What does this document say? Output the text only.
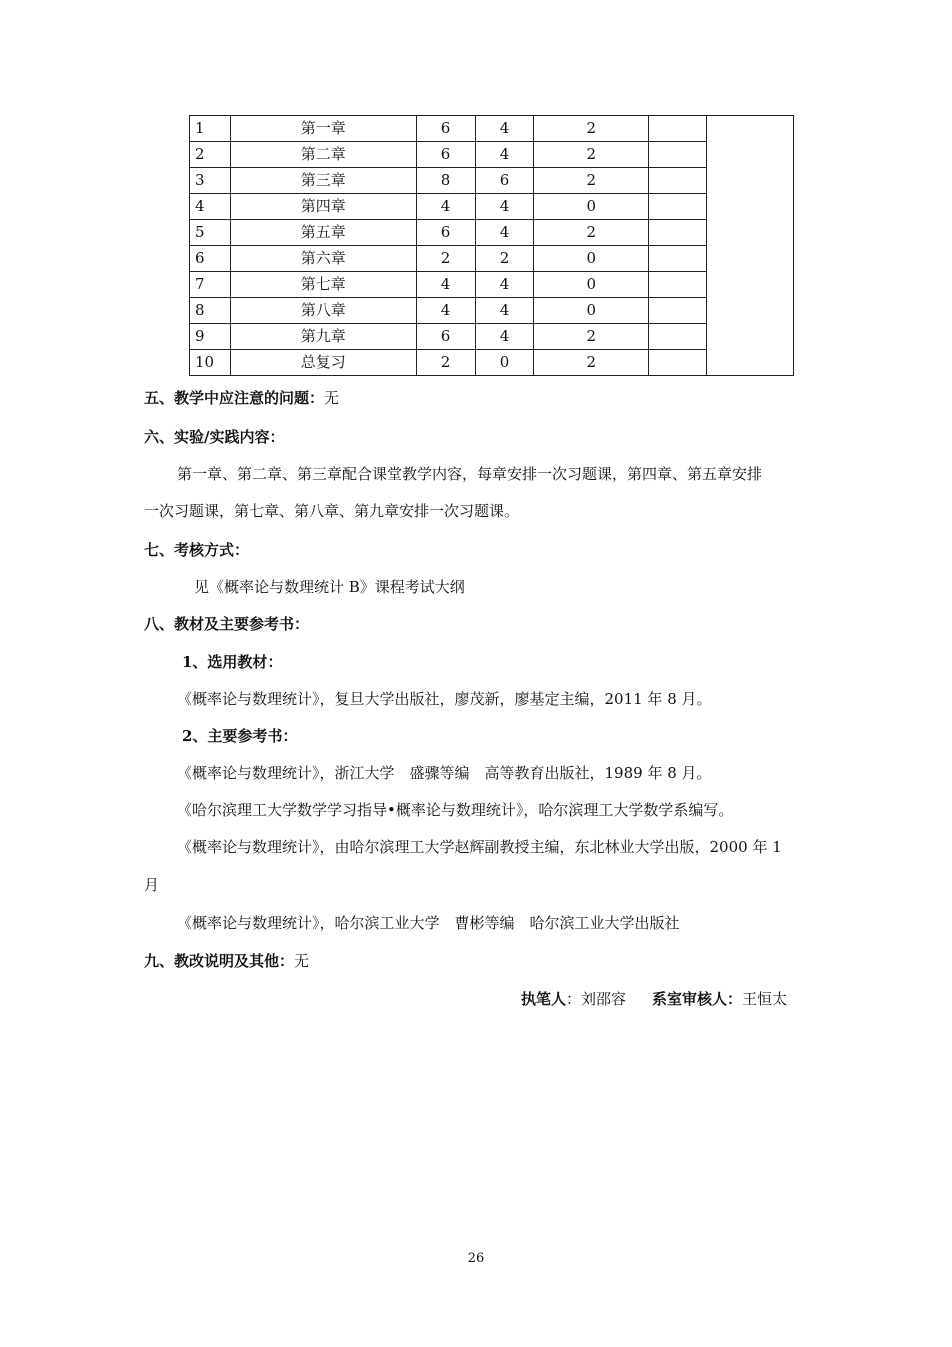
1	第一章	6	4	2		
2	第二章	6	4	2		
3	第三章	8	6	2		
4	第四章	4	4	0		
5	第五章	6	4	2		
6	第六章	2	2	0		
7	第七章	4	4	0		
8	第八章	4	4	0		
9	第九章	6	4	2		
10	总复习	2	0	2		
五、教学中应注意的问题：无
六、实验/实践内容：
第一章、第二章、第三章配合课堂教学内容，每章安排一次习题课，第四章、第五章安排
一次习题课，第七章、第八章、第九章安排一次习题课。
七、考核方式：
见《概率论与数理统计 B》课程考试大纲
八、教材及主要参考书：
1、选用教材：
《概率论与数理统计》，复旦大学出版社，廖茂新，廖基定主编，2011 年 8 月。
2、主要参考书：
《概率论与数理统计》，浙江大学　盛骤等编　高等教育出版社，1989 年 8 月。
《哈尔滨理工大学数学学习指导•概率论与数理统计》，哈尔滨理工大学数学系编写。
《概率论与数理统计》，由哈尔滨理工大学赵辉副教授主编，东北林业大学出版，2000 年 1
月
《概率论与数理统计》，哈尔滨工业大学　曹彬等编　哈尔滨工业大学出版社
九、教改说明及其他：无
执笔人：刘邵容 系室审核人：王恒太
26
